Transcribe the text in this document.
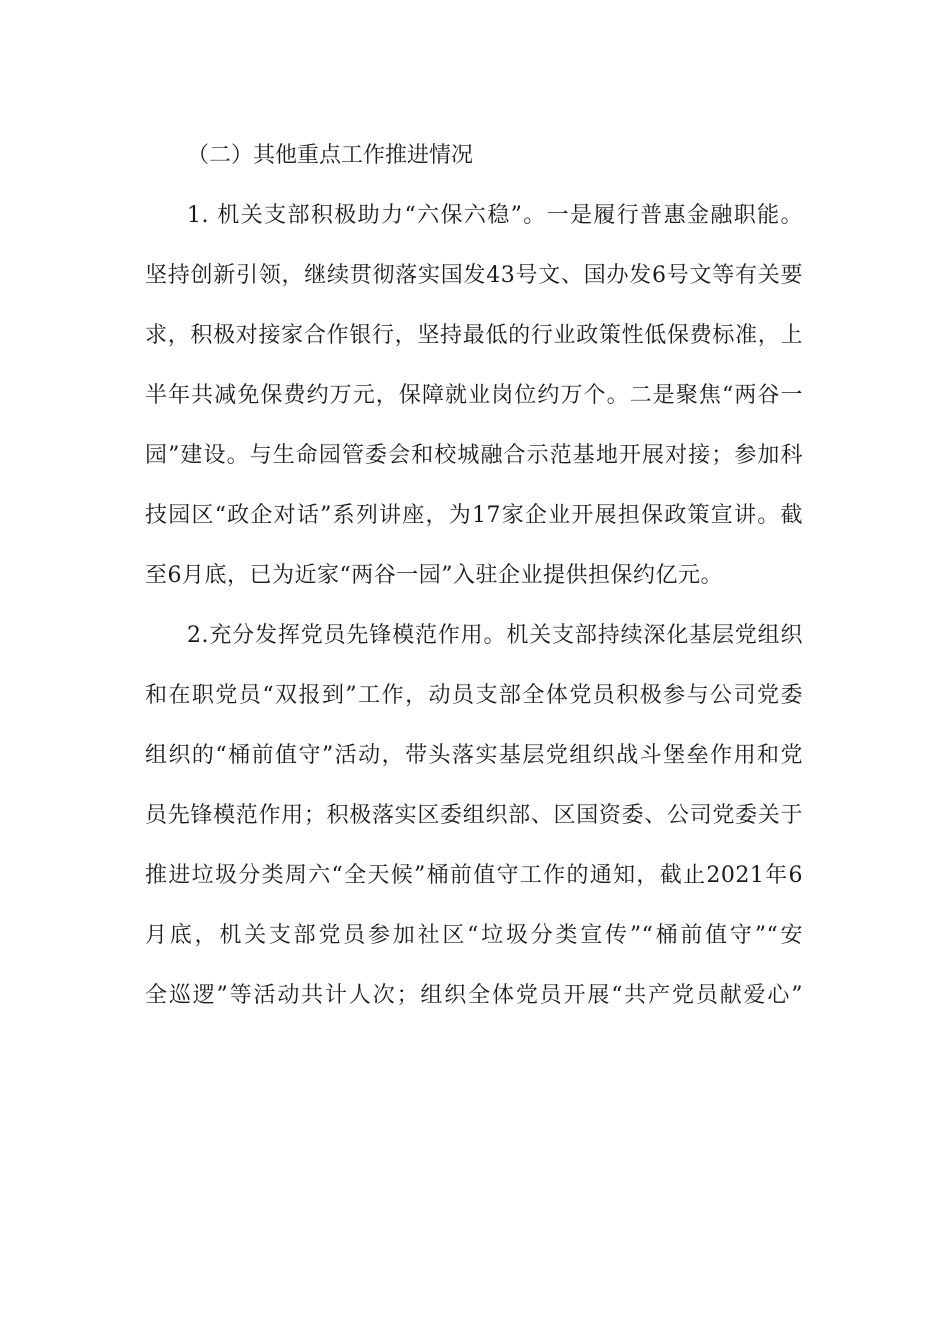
（二）其他重点工作推进情况

1. 机关支部积极助力“六保六稳”。一是履行普惠金融职能。

坚持创新引领，继续贯彻落实国发43号文、国办发6号文等有关要

求，积极对接家合作银行，坚持最低的行业政策性低保费标准，上

半年共减免保费约万元，保障就业岗位约万个。二是聚焦“两谷一

园”建设。与生命园管委会和校城融合示范基地开展对接；参加科

技园区“政企对话”系列讲座，为17家企业开展担保政策宣讲。截

至6月底，已为近家“两谷一园”入驻企业提供担保约亿元。

2.充分发挥党员先锋模范作用。机关支部持续深化基层党组织

和在职党员“双报到”工作，动员支部全体党员积极参与公司党委

组织的“桶前值守”活动，带头落实基层党组织战斗堡垒作用和党

员先锋模范作用；积极落实区委组织部、区国资委、公司党委关于

推进垃圾分类周六“全天候”桶前值守工作的通知，截止2021年6

月底，机关支部党员参加社区“垃圾分类宣传”“桶前值守”“安

全巡逻”等活动共计人次；组织全体党员开展“共产党员献爱心”
